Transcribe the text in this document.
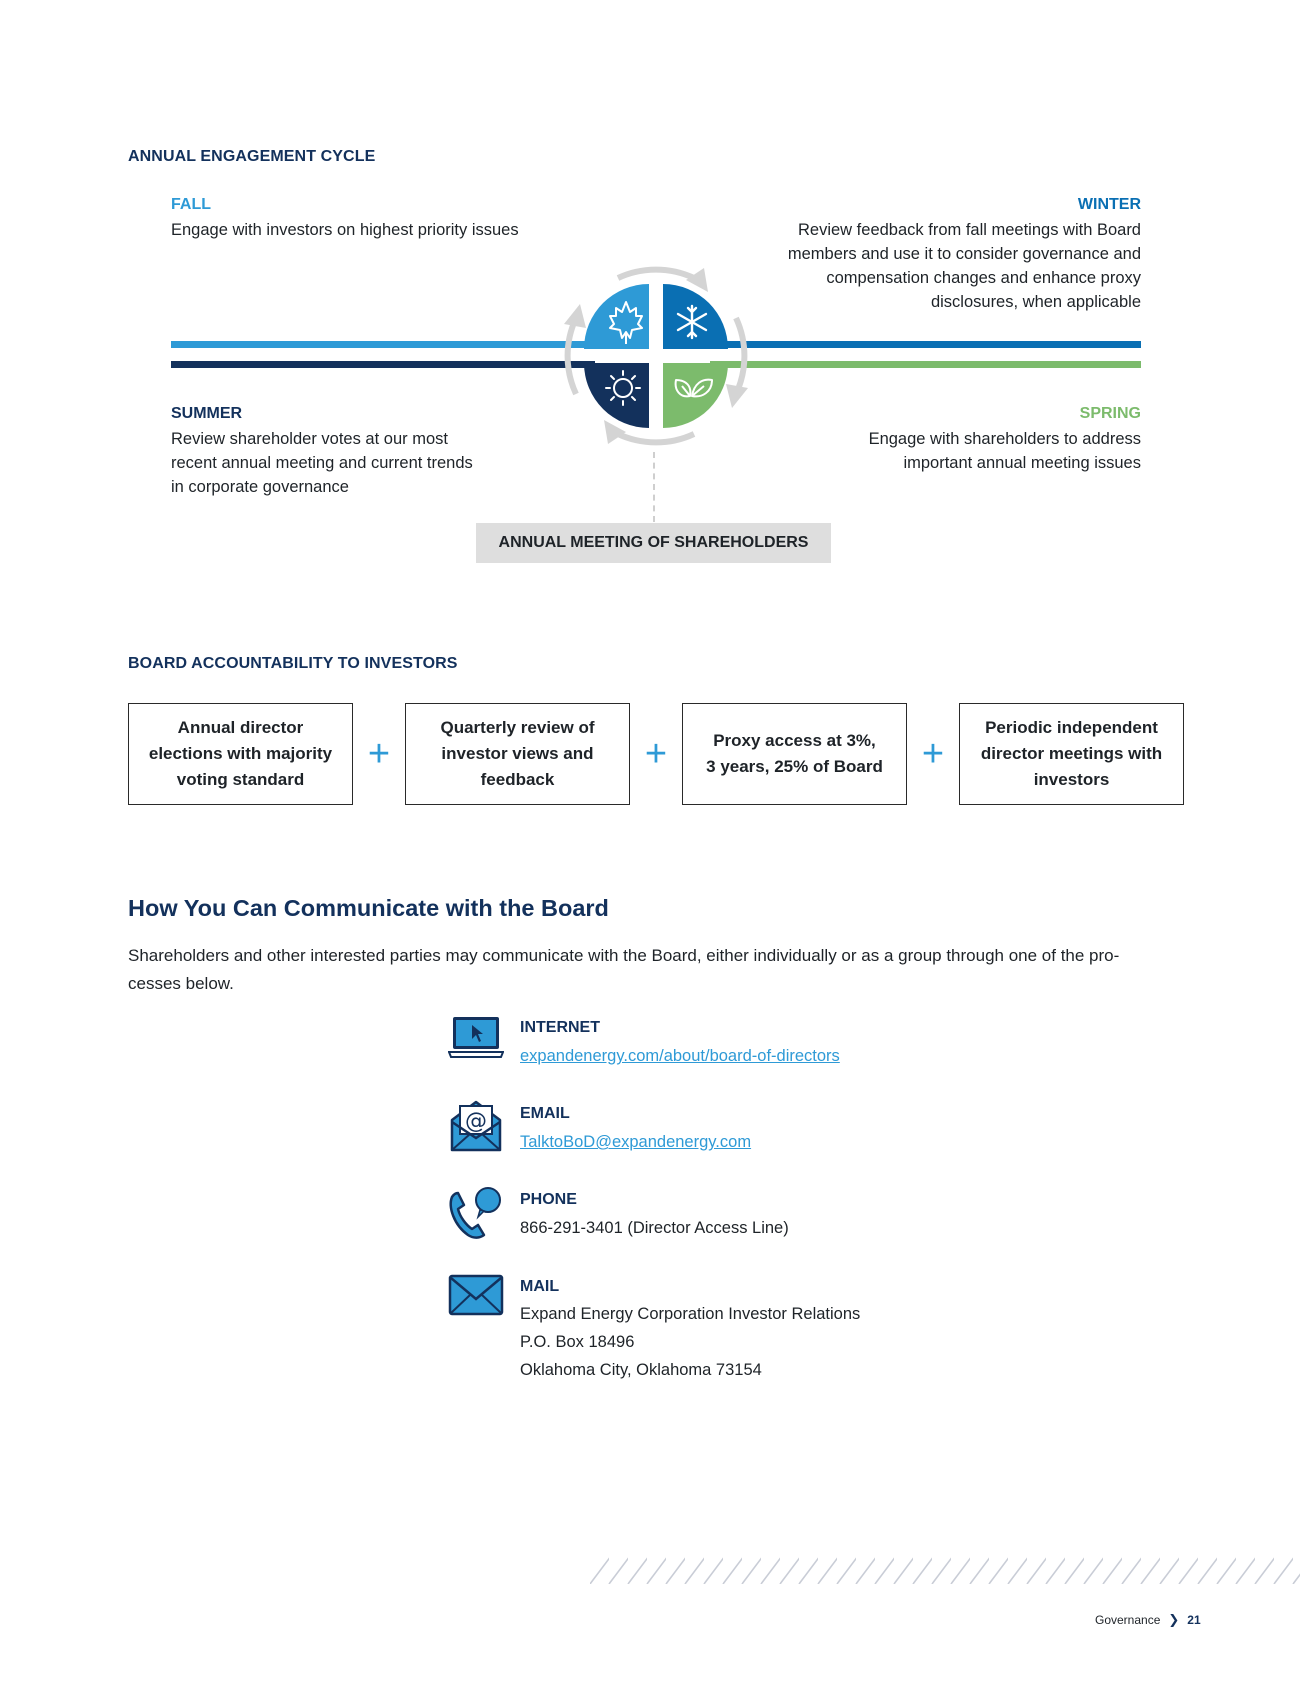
ANNUAL ENGAGEMENT CYCLE
FALL
Engage with investors on highest priority issues
WINTER
Review feedback from fall meetings with Board
members and use it to consider governance and
compensation changes and enhance proxy
disclosures, when applicable
SUMMER
Review shareholder votes at our most
recent annual meeting and current trends
in corporate governance
SPRING
Engage with shareholders to address
important annual meeting issues
ANNUAL MEETING OF SHAREHOLDERS
BOARD ACCOUNTABILITY TO INVESTORS
Annual director
elections with majority
voting standard
+
Quarterly review of
investor views and
feedback
+	Proxy access at 3%,
3 years, 25% of Board	+
Periodic independent
director meetings with
investors
How You Can Communicate with the Board
Shareholders and other interested parties may communicate with the Board, either individually or as a group through one of the pro-
cesses below.
INTERNET
expandenergy.com/about/board-of-directors
@ EMAIL
TalktoBoD@expandenergy.com
PHONE
866-291-3401 (Director Access Line)
MAIL
Expand Energy Corporation Investor Relations
P.O. Box 18496
Oklahoma City, Oklahoma 73154
Governance ❯ 21
